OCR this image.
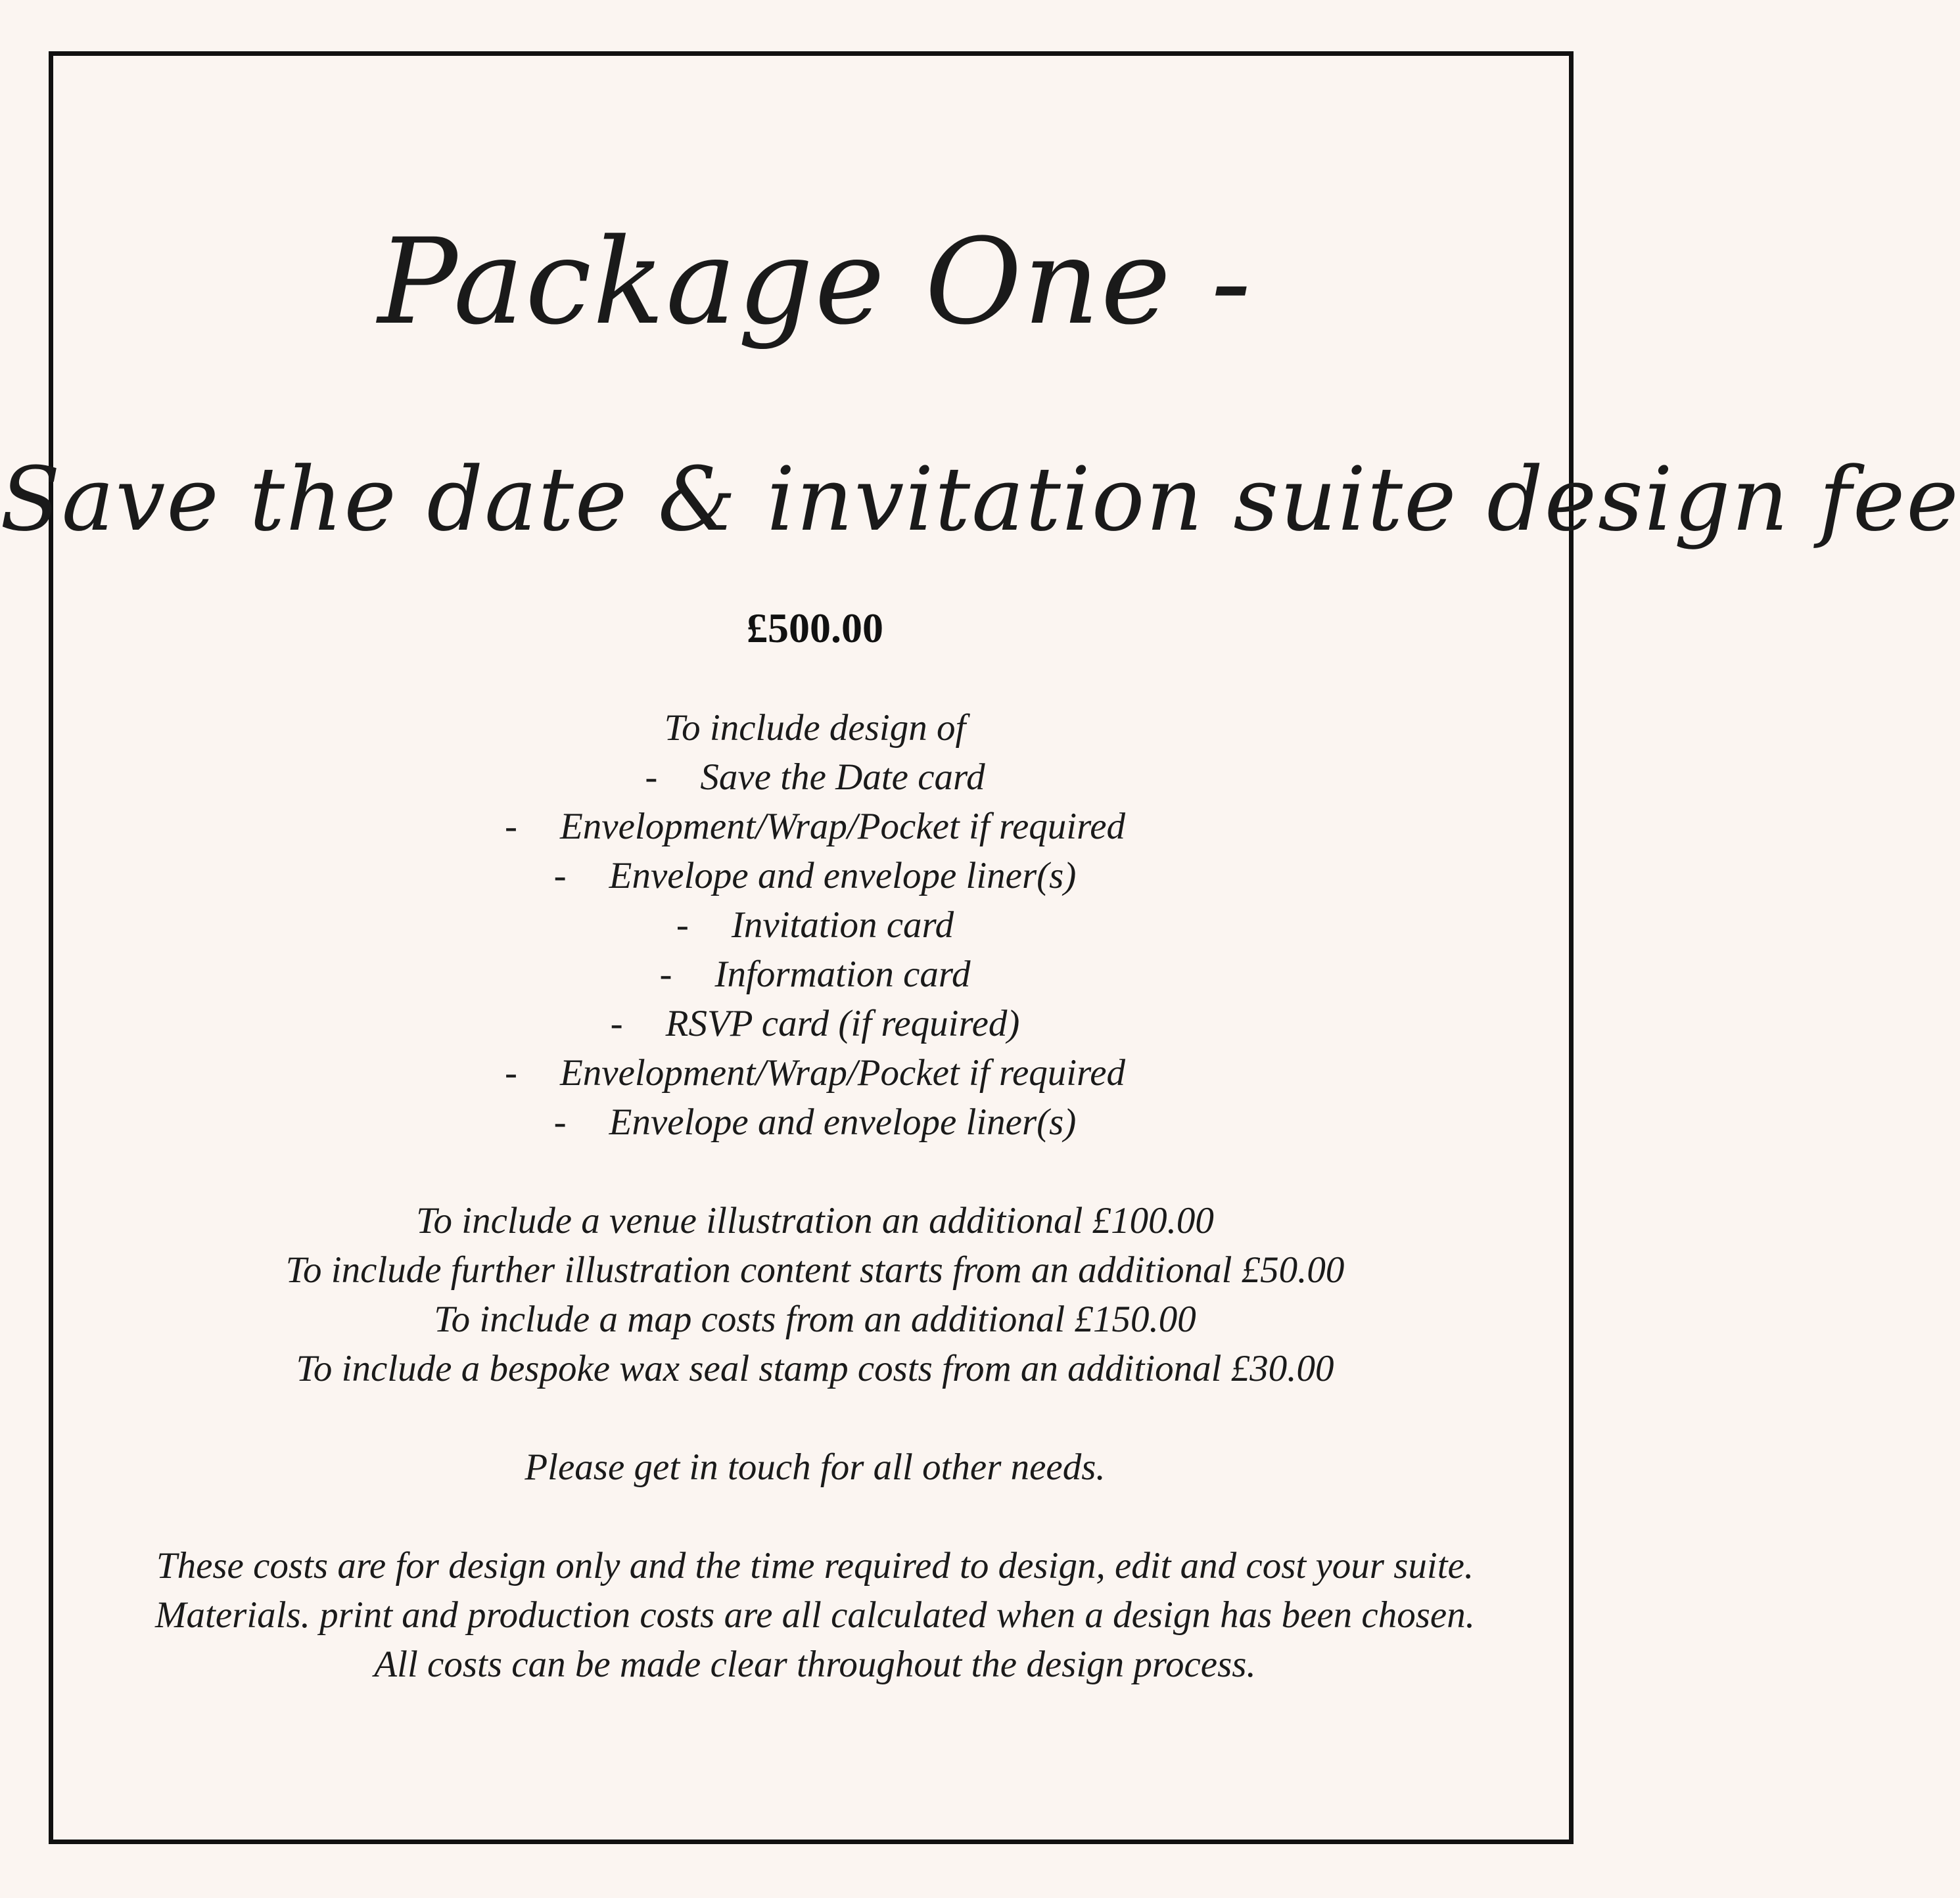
Package One -
Save the date & invitation suite design fee
£500.00
To include design of
- Save the Date card
- Envelopment/Wrap/Pocket if required
- Envelope and envelope liner(s)
- Invitation card
- Information card
- RSVP card (if required)
- Envelopment/Wrap/Pocket if required
- Envelope and envelope liner(s)
To include a venue illustration an additional £100.00
To include further illustration content starts from an additional £50.00
To include a map costs from an additional £150.00
To include a bespoke wax seal stamp costs from an additional £30.00
Please get in touch for all other needs.
These costs are for design only and the time required to design, edit and cost your suite.
Materials. print and production costs are all calculated when a design has been chosen.
All costs can be made clear throughout the design process.
